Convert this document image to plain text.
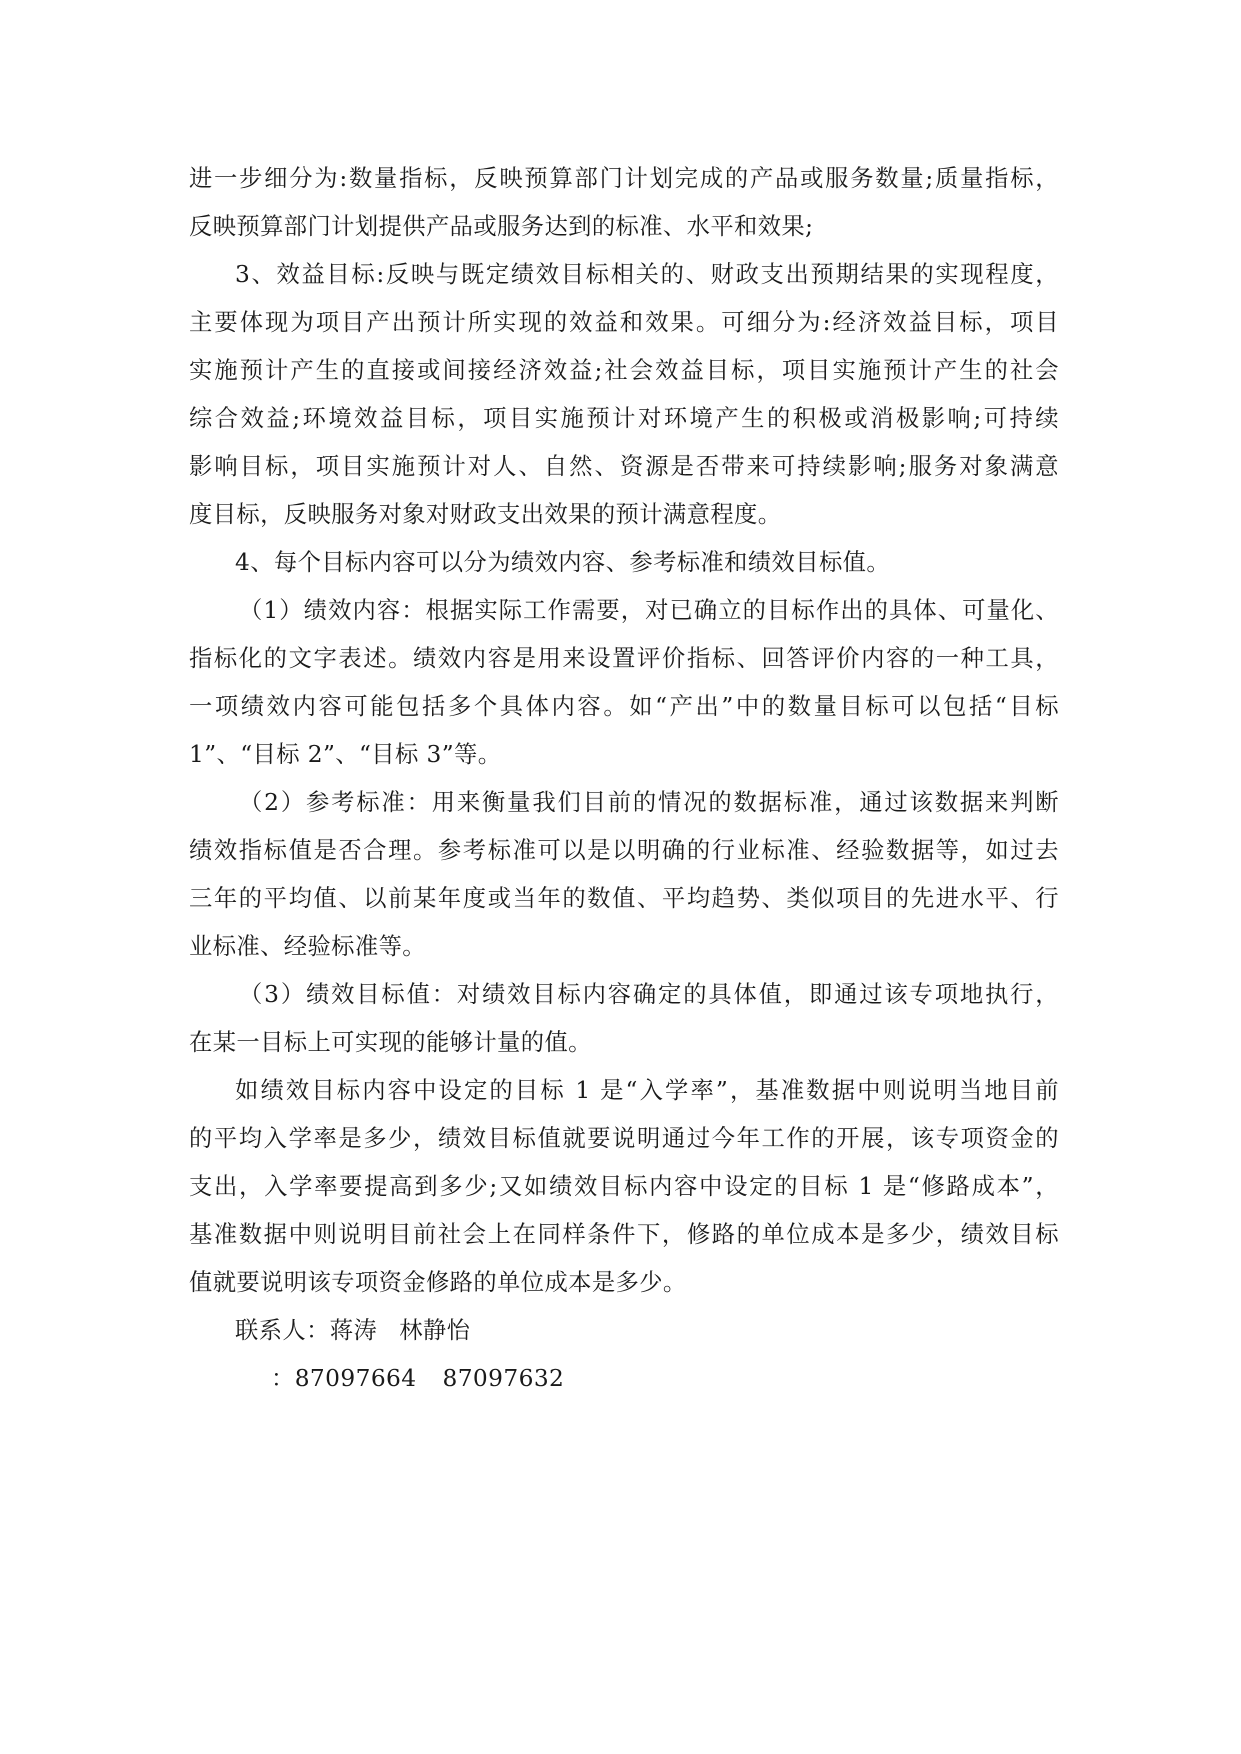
进一步细分为:数量指标，反映预算部门计划完成的产品或服务数量;质量指标，
反映预算部门计划提供产品或服务达到的标准、水平和效果;
3、效益目标:反映与既定绩效目标相关的、财政支出预期结果的实现程度，
主要体现为项目产出预计所实现的效益和效果。可细分为:经济效益目标，项目
实施预计产生的直接或间接经济效益;社会效益目标，项目实施预计产生的社会
综合效益;环境效益目标，项目实施预计对环境产生的积极或消极影响;可持续
影响目标，项目实施预计对人、自然、资源是否带来可持续影响;服务对象满意
度目标，反映服务对象对财政支出效果的预计满意程度。
4、每个目标内容可以分为绩效内容、参考标准和绩效目标值。
（1）绩效内容：根据实际工作需要，对已确立的目标作出的具体、可量化、
指标化的文字表述。绩效内容是用来设置评价指标、回答评价内容的一种工具，
一项绩效内容可能包括多个具体内容。如“产出”中的数量目标可以包括“目标
1”、“目标 2”、“目标 3”等。
（2）参考标准：用来衡量我们目前的情况的数据标准，通过该数据来判断
绩效指标值是否合理。参考标准可以是以明确的行业标准、经验数据等，如过去
三年的平均值、以前某年度或当年的数值、平均趋势、类似项目的先进水平、行
业标准、经验标准等。
（3）绩效目标值：对绩效目标内容确定的具体值，即通过该专项地执行，
在某一目标上可实现的能够计量的值。
如绩效目标内容中设定的目标 1 是“入学率”，基准数据中则说明当地目前
的平均入学率是多少，绩效目标值就要说明通过今年工作的开展，该专项资金的
支出，入学率要提高到多少;又如绩效目标内容中设定的目标 1 是“修路成本”，
基准数据中则说明目前社会上在同样条件下，修路的单位成本是多少，绩效目标
值就要说明该专项资金修路的单位成本是多少。
联系人：蒋涛 林静怡
：87097664 87097632
